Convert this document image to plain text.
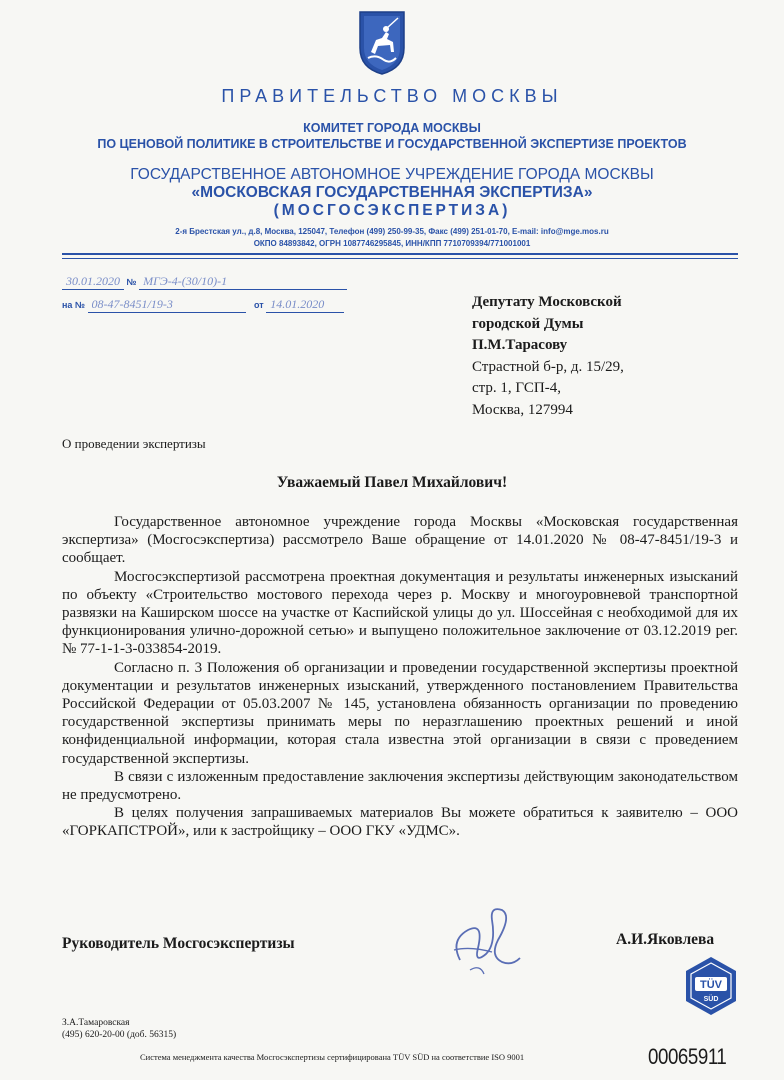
ПРАВИТЕЛЬСТВО МОСКВЫ
КОМИТЕТ ГОРОДА МОСКВЫ
ПО ЦЕНОВОЙ ПОЛИТИКЕ В СТРОИТЕЛЬСТВЕ И ГОСУДАРСТВЕННОЙ ЭКСПЕРТИЗЕ ПРОЕКТОВ
ГОСУДАРСТВЕННОЕ АВТОНОМНОЕ УЧРЕЖДЕНИЕ ГОРОДА МОСКВЫ
«МОСКОВСКАЯ ГОСУДАРСТВЕННАЯ ЭКСПЕРТИЗА»
(МОСГОСЭКСПЕРТИЗА)
2-я Брестская ул., д.8, Москва, 125047, Телефон (499) 250-99-35, Факс (499) 251-01-70, E-mail: info@mge.mos.ru
ОКПО 84893842, ОГРН 1087746295845, ИНН/КПП 7710709394/771001001
30.01.2020 № МГЭ-4-(30/10)-1
на № 08-47-8451/19-3	от 14.01.2020	Депутату Московской
городской Думы
П.М.Тарасову
Страстной б-р, д. 15/29,
стр. 1, ГСП-4,
Москва, 127994
О проведении экспертизы
Уважаемый Павел Михайлович!

Государственное автономное учреждение города Москвы «Московская государственная экспертиза» (Мосгосэкспертиза) рассмотрело Ваше обращение от 14.01.2020 № 08-47-8451/19-3 и сообщает.

Мосгосэкспертизой рассмотрена проектная документация и результаты инженерных изысканий по объекту «Строительство мостового перехода через р. Москву и многоуровневой транспортной развязки на Каширском шоссе на участке от Каспийской улицы до ул. Шоссейная с необходимой для их функционирования улично-дорожной сетью» и выпущено положительное заключение от 03.12.2019 рег. № 77-1-1-3-033854-2019.

Согласно п. 3 Положения об организации и проведении государственной экспертизы проектной документации и результатов инженерных изысканий, утвержденного постановлением Правительства Российской Федерации от 05.03.2007 № 145, установлена обязанность организации по проведению государственной экспертизы принимать меры по неразглашению проектных решений и иной конфиденциальной информации, которая стала известна этой организации в связи с проведением государственной экспертизы.

В связи с изложенным предоставление заключения экспертизы действующим законодательством не предусмотрено.

В целях получения запрашиваемых материалов Вы можете обратиться к заявителю – ООО «ГОРКАПСТРОЙ», или к застройщику – ООО ГКУ «УДМС».

Руководитель Мосгосэкспертизы	А.И.Яковлева
TÜV
SÜD
З.А.Тамаровская
(495) 620-20-00 (доб. 56315)
Система менеджмента качества Мосгосэкспертизы сертифицирована TÜV SÜD на соответствие ISO 9001	00065911
